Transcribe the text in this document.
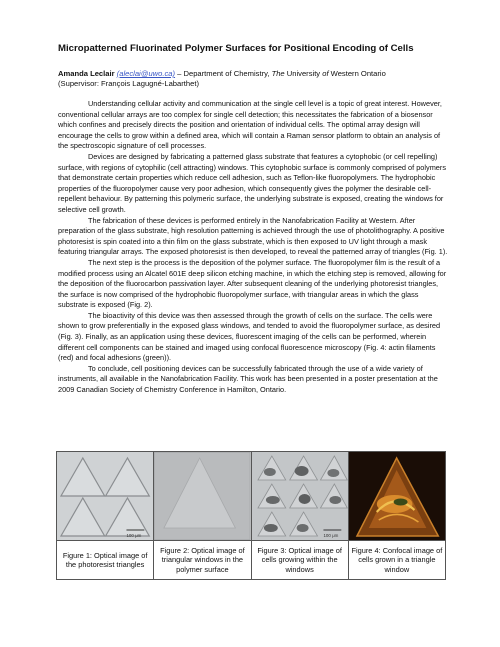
Micropatterned Fluorinated Polymer Surfaces for Positional Encoding of Cells
Amanda Leclair (aleclai@uwo.ca) – Department of Chemistry, The University of Western Ontario
(Supervisor: François Lagugné-Labarthet)

Understanding cellular activity and communication at the single cell level is a topic of great interest. However, conventional cellular arrays are too complex for single cell detection; this necessitates the fabrication of a biosensor which confines and precisely directs the position and orientation of individual cells. The optimal array design will encourage the cells to grow within a defined area, which will contain a Raman sensor platform to obtain an analysis of the spectroscopic signature of cell processes.

Devices are designed by fabricating a patterned glass substrate that features a cytophobic (or cell repelling) surface, with regions of cytophilic (cell attracting) windows. This cytophobic surface is commonly comprised of polymers that demonstrate certain properties which reduce cell adhesion, such as Teflon-like fluoropolymers. The hydrophobic properties of the fluoropolymer cause very poor adhesion, which consequently gives the polymer the desirable cell-repellent behaviour. By patterning this polymeric surface, the underlying substrate is exposed, creating the windows for selective cell growth.

The fabrication of these devices is performed entirely in the Nanofabrication Facility at Western. After preparation of the glass substrate, high resolution patterning is achieved through the use of photolithography. A positive photoresist is spin coated into a thin film on the glass substrate, which is then exposed to UV light through a mask featuring triangular arrays. The exposed photoresist is then developed, to reveal the patterned array of triangles (Fig. 1).

The next step is the process is the deposition of the polymer surface. The fluoropolymer film is the result of a modified process using an Alcatel 601E deep silicon etching machine, in which the etching step is removed, allowing for the deposition of the fluorocarbon passivation layer. After subsequent cleaning of the underlying photoresist triangles, the surface is now comprised of the hydrophobic fluoropolymer surface, with triangular areas in which the glass substrate is exposed (Fig. 2).

The bioactivity of this device was then assessed through the growth of cells on the surface. The cells were shown to grow preferentially in the exposed glass windows, and tended to avoid the fluoropolymer surface, as desired (Fig. 3). Finally, as an application using these devices, fluorescent imaging of the cells can be performed, wherein different cell components can be stained and imaged using confocal fluorescence microscopy (Fig. 4: actin filaments (red) and focal adhesions (green)).

To conclude, cell positioning devices can be successfully fabricated through the use of a wide variety of instruments, all available in the Nanofabrication Facility. This work has been presented in a poster presentation at the 2009 Canadian Society of Chemistry Conference in Hamilton, Ontario.

100 μm		100 μm

Figure 1: Optical image of the photoresist triangles	Figure 2: Optical image of triangular windows in the polymer surface	Figure 3: Optical image of cells growing within the windows	Figure 4: Confocal image of cells grown in a triangle window
